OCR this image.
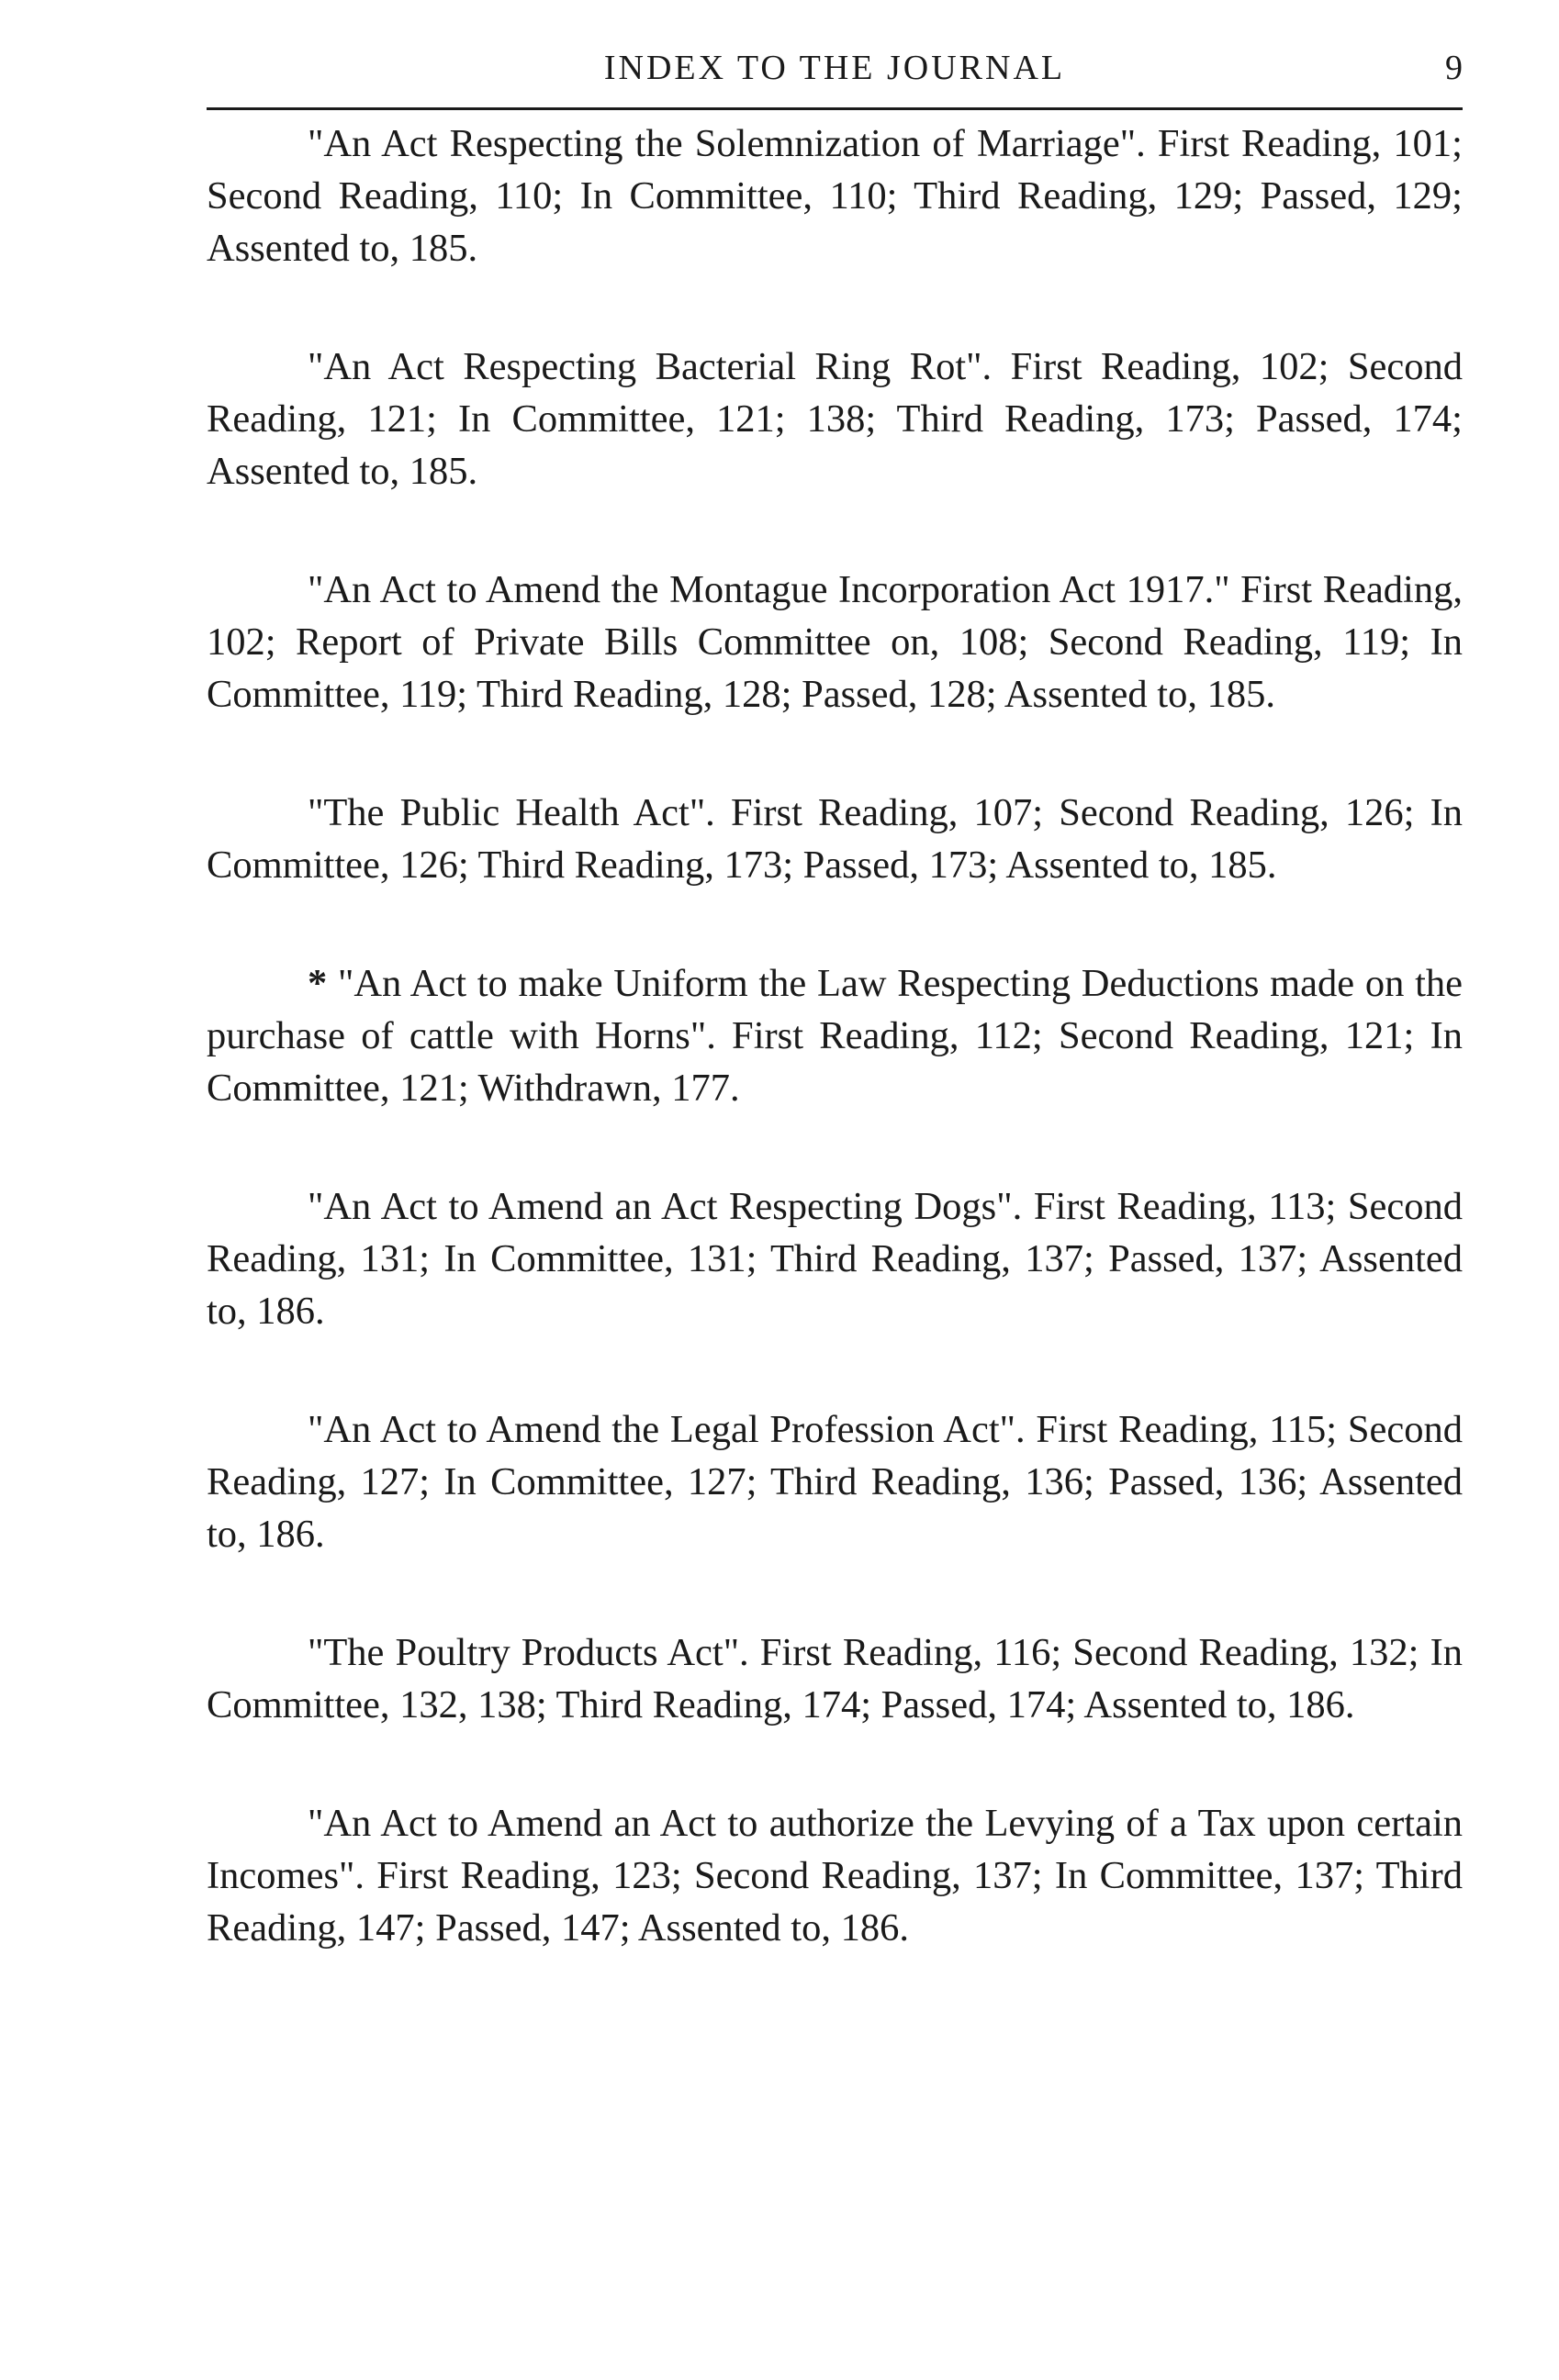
INDEX TO THE JOURNAL	9

"An Act Respecting the Solemnization of Marriage". First Reading, 101; Second Reading, 110; In Committee, 110; Third Reading, 129; Passed, 129; Assented to, 185.

"An Act Respecting Bacterial Ring Rot". First Reading, 102; Second Reading, 121; In Committee, 121; 138; Third Reading, 173; Passed, 174; Assented to, 185.

"An Act to Amend the Montague Incorporation Act 1917." First Reading, 102; Report of Private Bills Committee on, 108; Second Reading, 119; In Committee, 119; Third Reading, 128; Passed, 128; Assented to, 185.

"The Public Health Act". First Reading, 107; Second Reading, 126; In Committee, 126; Third Reading, 173; Passed, 173; Assented to, 185.

* "An Act to make Uniform the Law Respecting Deductions made on the purchase of cattle with Horns". First Reading, 112; Second Reading, 121; In Committee, 121; Withdrawn, 177.

"An Act to Amend an Act Respecting Dogs". First Reading, 113; Second Reading, 131; In Committee, 131; Third Reading, 137; Passed, 137; Assented to, 186.

"An Act to Amend the Legal Profession Act". First Reading, 115; Second Reading, 127; In Committee, 127; Third Reading, 136; Passed, 136; Assented to, 186.

"The Poultry Products Act". First Reading, 116; Second Reading, 132; In Committee, 132, 138; Third Reading, 174; Passed, 174; Assented to, 186.

"An Act to Amend an Act to authorize the Levying of a Tax upon certain Incomes". First Reading, 123; Second Reading, 137; In Committee, 137; Third Reading, 147; Passed, 147; Assented to, 186.
